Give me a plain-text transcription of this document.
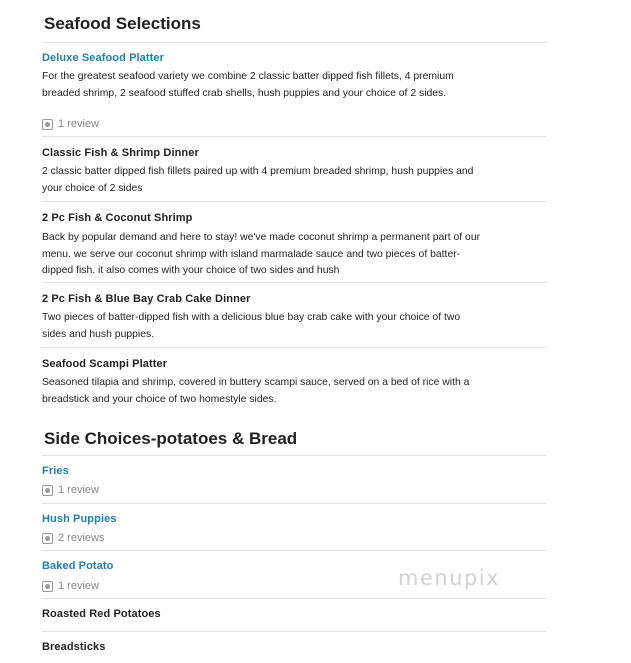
Seafood Selections
Deluxe Seafood Platter
For the greatest seafood variety we combine 2 classic batter dipped fish fillets, 4 premium breaded shrimp, 2 seafood stuffed crab shells, hush puppies and your choice of 2 sides.
1 review
Classic Fish & Shrimp Dinner
2 classic batter dipped fish fillets paired up with 4 premium breaded shrimp, hush puppies and your choice of 2 sides
2 Pc Fish & Coconut Shrimp
Back by popular demand and here to stay! we've made coconut shrimp a permanent part of our menu. we serve our coconut shrimp with island marmalade sauce and two pieces of batter-dipped fish. it also comes with your choice of two sides and hush
2 Pc Fish & Blue Bay Crab Cake Dinner
Two pieces of batter-dipped fish with a delicious blue bay crab cake with your choice of two sides and hush puppies.
Seafood Scampi Platter
Seasoned tilapia and shrimp, covered in buttery scampi sauce, served on a bed of rice with a breadstick and your choice of two homestyle sides.
Side Choices-potatoes & Bread
Fries
1 review
Hush Puppies
2 reviews
Baked Potato
1 review
Roasted Red Potatoes
Breadsticks
menupix
